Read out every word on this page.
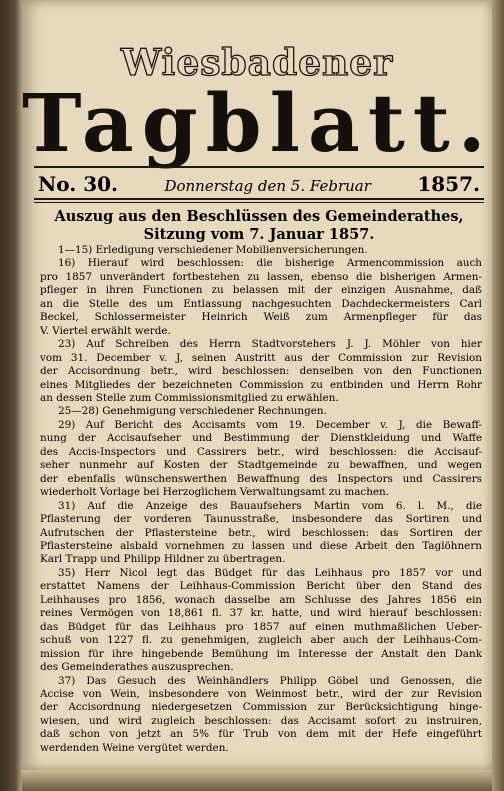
Wiesbadener
Tagblatt.
No. 30.	Donnerstag den 5. Februar 1857.
Auszug aus den Beschlüssen des Gemeinderathes,
Sitzung vom 7. Januar 1857.
1—15) Erledigung verschiedener Mobilienversicherungen.
16) Hierauf wird beschlossen: die bisherige Armencommission auch
pro 1857 unverändert fortbestehen zu lassen, ebenso die bisherigen Armen-
pfleger in ihren Functionen zu belassen mit der einzigen Ausnahme, daß
an die Stelle des um Entlassung nachgesuchten Dachdeckermeisters Carl
Beckel, Schlossermeister Heinrich Weiß zum Armenpfleger für das
V. Viertel erwählt werde.
23) Auf Schreiben des Herrn Stadtvorstehers J. J. Möhler von hier
vom 31. December v. J, seinen Austritt aus der Commission zur Revision
der Accisordnung betr., wird beschlossen: denselben von den Functionen
eines Mitgliedes der bezeichneten Commission zu entbinden und Herrn Rohr
an dessen Stelle zum Commissionsmitglied zu erwählen.
25—28) Genehmigung verschiedener Rechnungen.
29) Auf Bericht des Accisamts vom 19. December v. J, die Bewaff-
nung der Accisaufseher und Bestimmung der Dienstkleidung und Waffe
des Accis-Inspectors und Cassirers betr., wird beschlossen: die Accisauf-
seher nunmehr auf Kosten der Stadtgemeinde zu bewaffnen, und wegen
der ebenfalls wünschenswerthen Bewaffnung des Inspectors und Cassirers
wiederholt Vorlage bei Herzoglichem Verwaltungsamt zu machen.
31) Auf die Anzeige des Bauaufsehers Martin vom 6. l. M., die
Pflasterung der vorderen Taunusstraße, insbesondere das Sortiren und
Aufrutschen der Pflastersteine betr., wird beschlossen: das Sortiren der
Pflastersteine alsbald vornehmen zu lassen und diese Arbeit den Taglöhnern
Karl Trapp und Philipp Hildner zu übertragen.
35) Herr Nicol legt das Büdget für das Leihhaus pro 1857 vor und
erstattet Namens der Leihhaus-Commission Bericht über den Stand des
Leihhauses pro 1856, wonach dasselbe am Schlusse des Jahres 1856 ein
reines Vermögen von 18,861 fl. 37 kr. hatte, und wird hierauf beschlossen:
das Büdget für das Leihhaus pro 1857 auf einen muthmaßlichen Ueber-
schuß von 1227 fl. zu genehmigen, zugleich aber auch der Leihhaus-Com-
mission für ihre hingebende Bemühung im Interesse der Anstalt den Dank
des Gemeinderathes auszusprechen.
37) Das Gesuch des Weinhändlers Philipp Göbel und Genossen, die
Accise von Wein, insbesondere von Weinmost betr., wird der zur Revision
der Accisordnung niedergesetzen Commission zur Berücksichtigung hinge-
wiesen, und wird zugleich beschlossen: das Accisamt sofort zu instruiren,
daß schon von jetzt an 5% für Trub von dem mit der Hefe eingeführt
werdenden Weine vergütet werden.
